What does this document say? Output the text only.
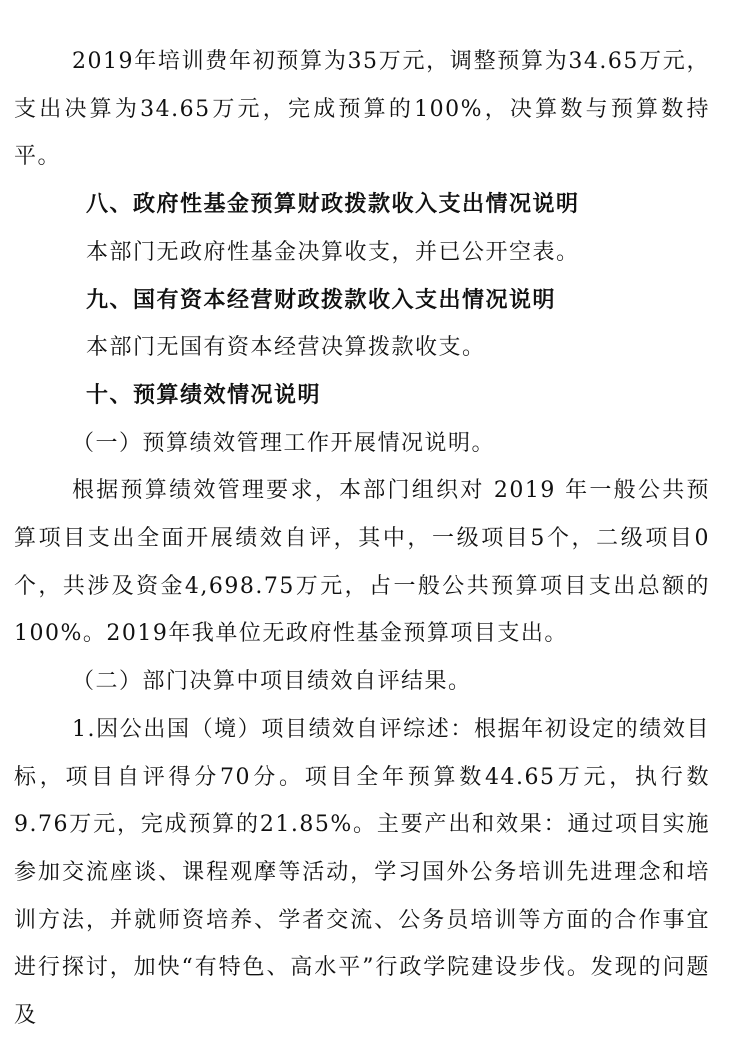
2019年培训费年初预算为35万元，调整预算为34.65万元，支出决算为34.65万元，完成预算的100%，决算数与预算数持平。

八、政府性基金预算财政拨款收入支出情况说明

本部门无政府性基金决算收支，并已公开空表。

九、国有资本经营财政拨款收入支出情况说明

本部门无国有资本经营决算拨款收支。

十、预算绩效情况说明

（一）预算绩效管理工作开展情况说明。

根据预算绩效管理要求，本部门组织对 2019 年一般公共预算项目支出全面开展绩效自评，其中，一级项目5个，二级项目0个，共涉及资金4,698.75万元，占一般公共预算项目支出总额的100%。2019年我单位无政府性基金预算项目支出。

（二）部门决算中项目绩效自评结果。

1.因公出国（境）项目绩效自评综述：根据年初设定的绩效目标，项目自评得分70分。项目全年预算数44.65万元，执行数 9.76万元，完成预算的21.85%。主要产出和效果：通过项目实施参加交流座谈、课程观摩等活动，学习国外公务培训先进理念和培训方法，并就师资培养、学者交流、公务员培训等方面的合作事宜进行探讨，加快“有特色、高水平”行政学院建设步伐。发现的问题及
